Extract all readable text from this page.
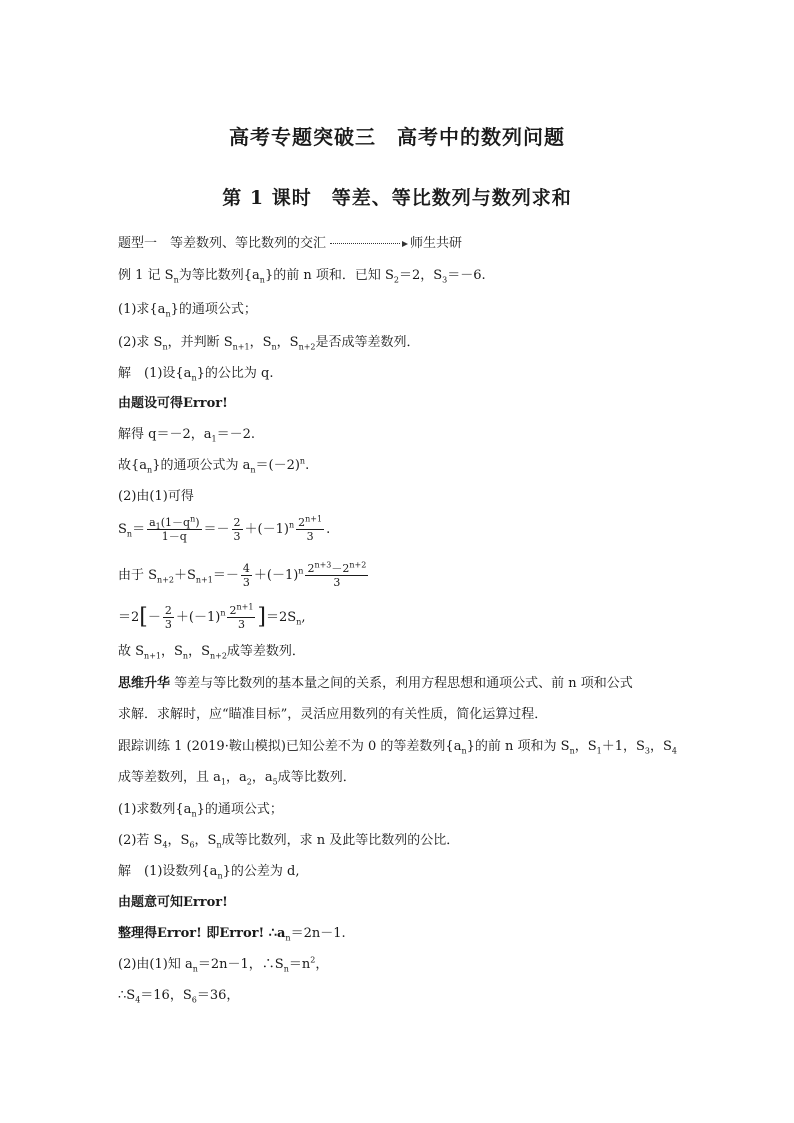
高考专题突破三　高考中的数列问题
第 1 课时　等差、等比数列与数列求和
题型一　等差数列、等比数列的交汇	师生共研
例 1 记 $S_n$为等比数列$\{a_n\}$的前 n 项和．已知 $S_2=2$，$S_3=-6$.
(1)求$\{a_n\}$的通项公式；
(2)求 $S_n$，并判断 $S_{n+1}$，$S_n$，$S_{n+2}$是否成等差数列．
解　(1)设$\{a_n\}$的公比为 q.
由题设可得Error!
解得 q＝－2，$a_1=-2$.
故$\{a_n\}$的通项公式为 $a_n=(-2)^n$.
(2)由(1)可得
$S_n= \frac{a_1(1-q^n)}{1-q} =- \frac{2}{3} +(-1)^n \frac{2^{n+1}}{3}$ .
由于 $S_{n+2}+S_{n+1}=- \frac{4}{3} +(-1)^n \frac{2^{n+3}-2^{n+2}}{3}$
$=2[- \frac{2}{3} +(-1)^n \frac{2^{n+1}}{3} ]=2S_n$,
故 $S_{n+1}$，$S_n$，$S_{n+2}$成等差数列．
思维升华 等差与等比数列的基本量之间的关系，利用方程思想和通项公式、前 n 项和公式
求解．求解时，应“瞄准目标”，灵活应用数列的有关性质，简化运算过程．
跟踪训练 1 (2019·鞍山模拟)已知公差不为 0 的等差数列$\{a_n\}$的前 n 项和为 $S_n$，$S_1+1$，$S_3$，$S_4$
成等差数列，且 $a_1$，$a_2$，$a_5$成等比数列．
(1)求数列$\{a_n\}$的通项公式；
(2)若 $S_4$，$S_6$，$S_n$成等比数列，求 n 及此等比数列的公比．
解　(1)设数列$\{a_n\}$的公差为 d,
由题意可知Error!
整理得Error! 即Error! $\therefore a_n=2n-1$.
(2)由(1)知 $a_n=2n-1$，$\therefore S_n=n^2$，
$\therefore S_4=16$，$S_6=36$，
